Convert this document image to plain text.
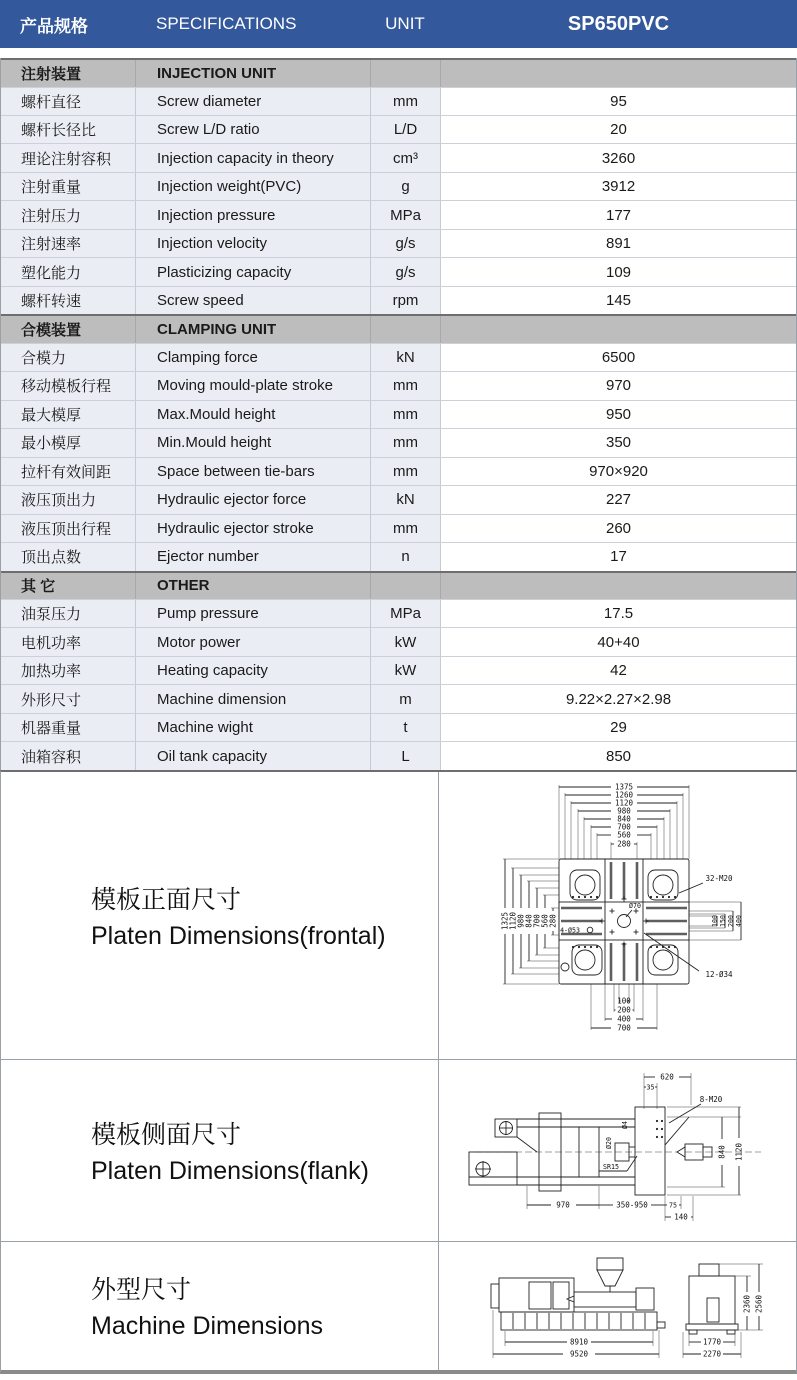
产品规格	SPECIFICATIONS	UNIT	SP650PVC
注射装置	INJECTION UNIT
螺杆直径	Screw diameter	mm	95
螺杆长径比	Screw L/D ratio	L/D	20
理论注射容积	Injection capacity in theory	cm³	3260
注射重量	Injection weight(PVC)	g	3912
注射压力	Injection pressure	MPa	177
注射速率	Injection velocity	g/s	891
塑化能力	Plasticizing capacity	g/s	109
螺杆转速	Screw speed	rpm	145
合模装置	CLAMPING UNIT
合模力	Clamping force	kN	6500
移动模板行程	Moving mould-plate stroke	mm	970
最大模厚	Max.Mould height	mm	950
最小模厚	Min.Mould height	mm	350
拉杆有效间距	Space between tie-bars	mm	970×920
液压顶出力	Hydraulic ejector force	kN	227
液压顶出行程	Hydraulic ejector stroke	mm	260
顶出点数	Ejector number	n	17
其 它	OTHER
油泵压力	Pump pressure	MPa	17.5
电机功率	Motor power	kW	40+40
加热功率	Heating capacity	kW	42
外形尺寸	Machine dimension	m	9.22×2.27×2.98
机器重量	Machine wight	t	29
油箱容积	Oil tank capacity	L	850
模板正面尺寸
Platen Dimensions(frontal)
1375
1260
1120
980
840
700
560
280
1325 1120 980 840 700 560 280	100 150 200 400
100
200
400
700
Ø70
4-Ø53
32-M20
12-Ø34
模板侧面尺寸
Platen Dimensions(flank)
620
35
8-M20
Ø4
Ø20
SR15
840 1120
970	350-950	75
140
外型尺寸
Machine Dimensions
8910
9520
1770
2270
2360 2560
